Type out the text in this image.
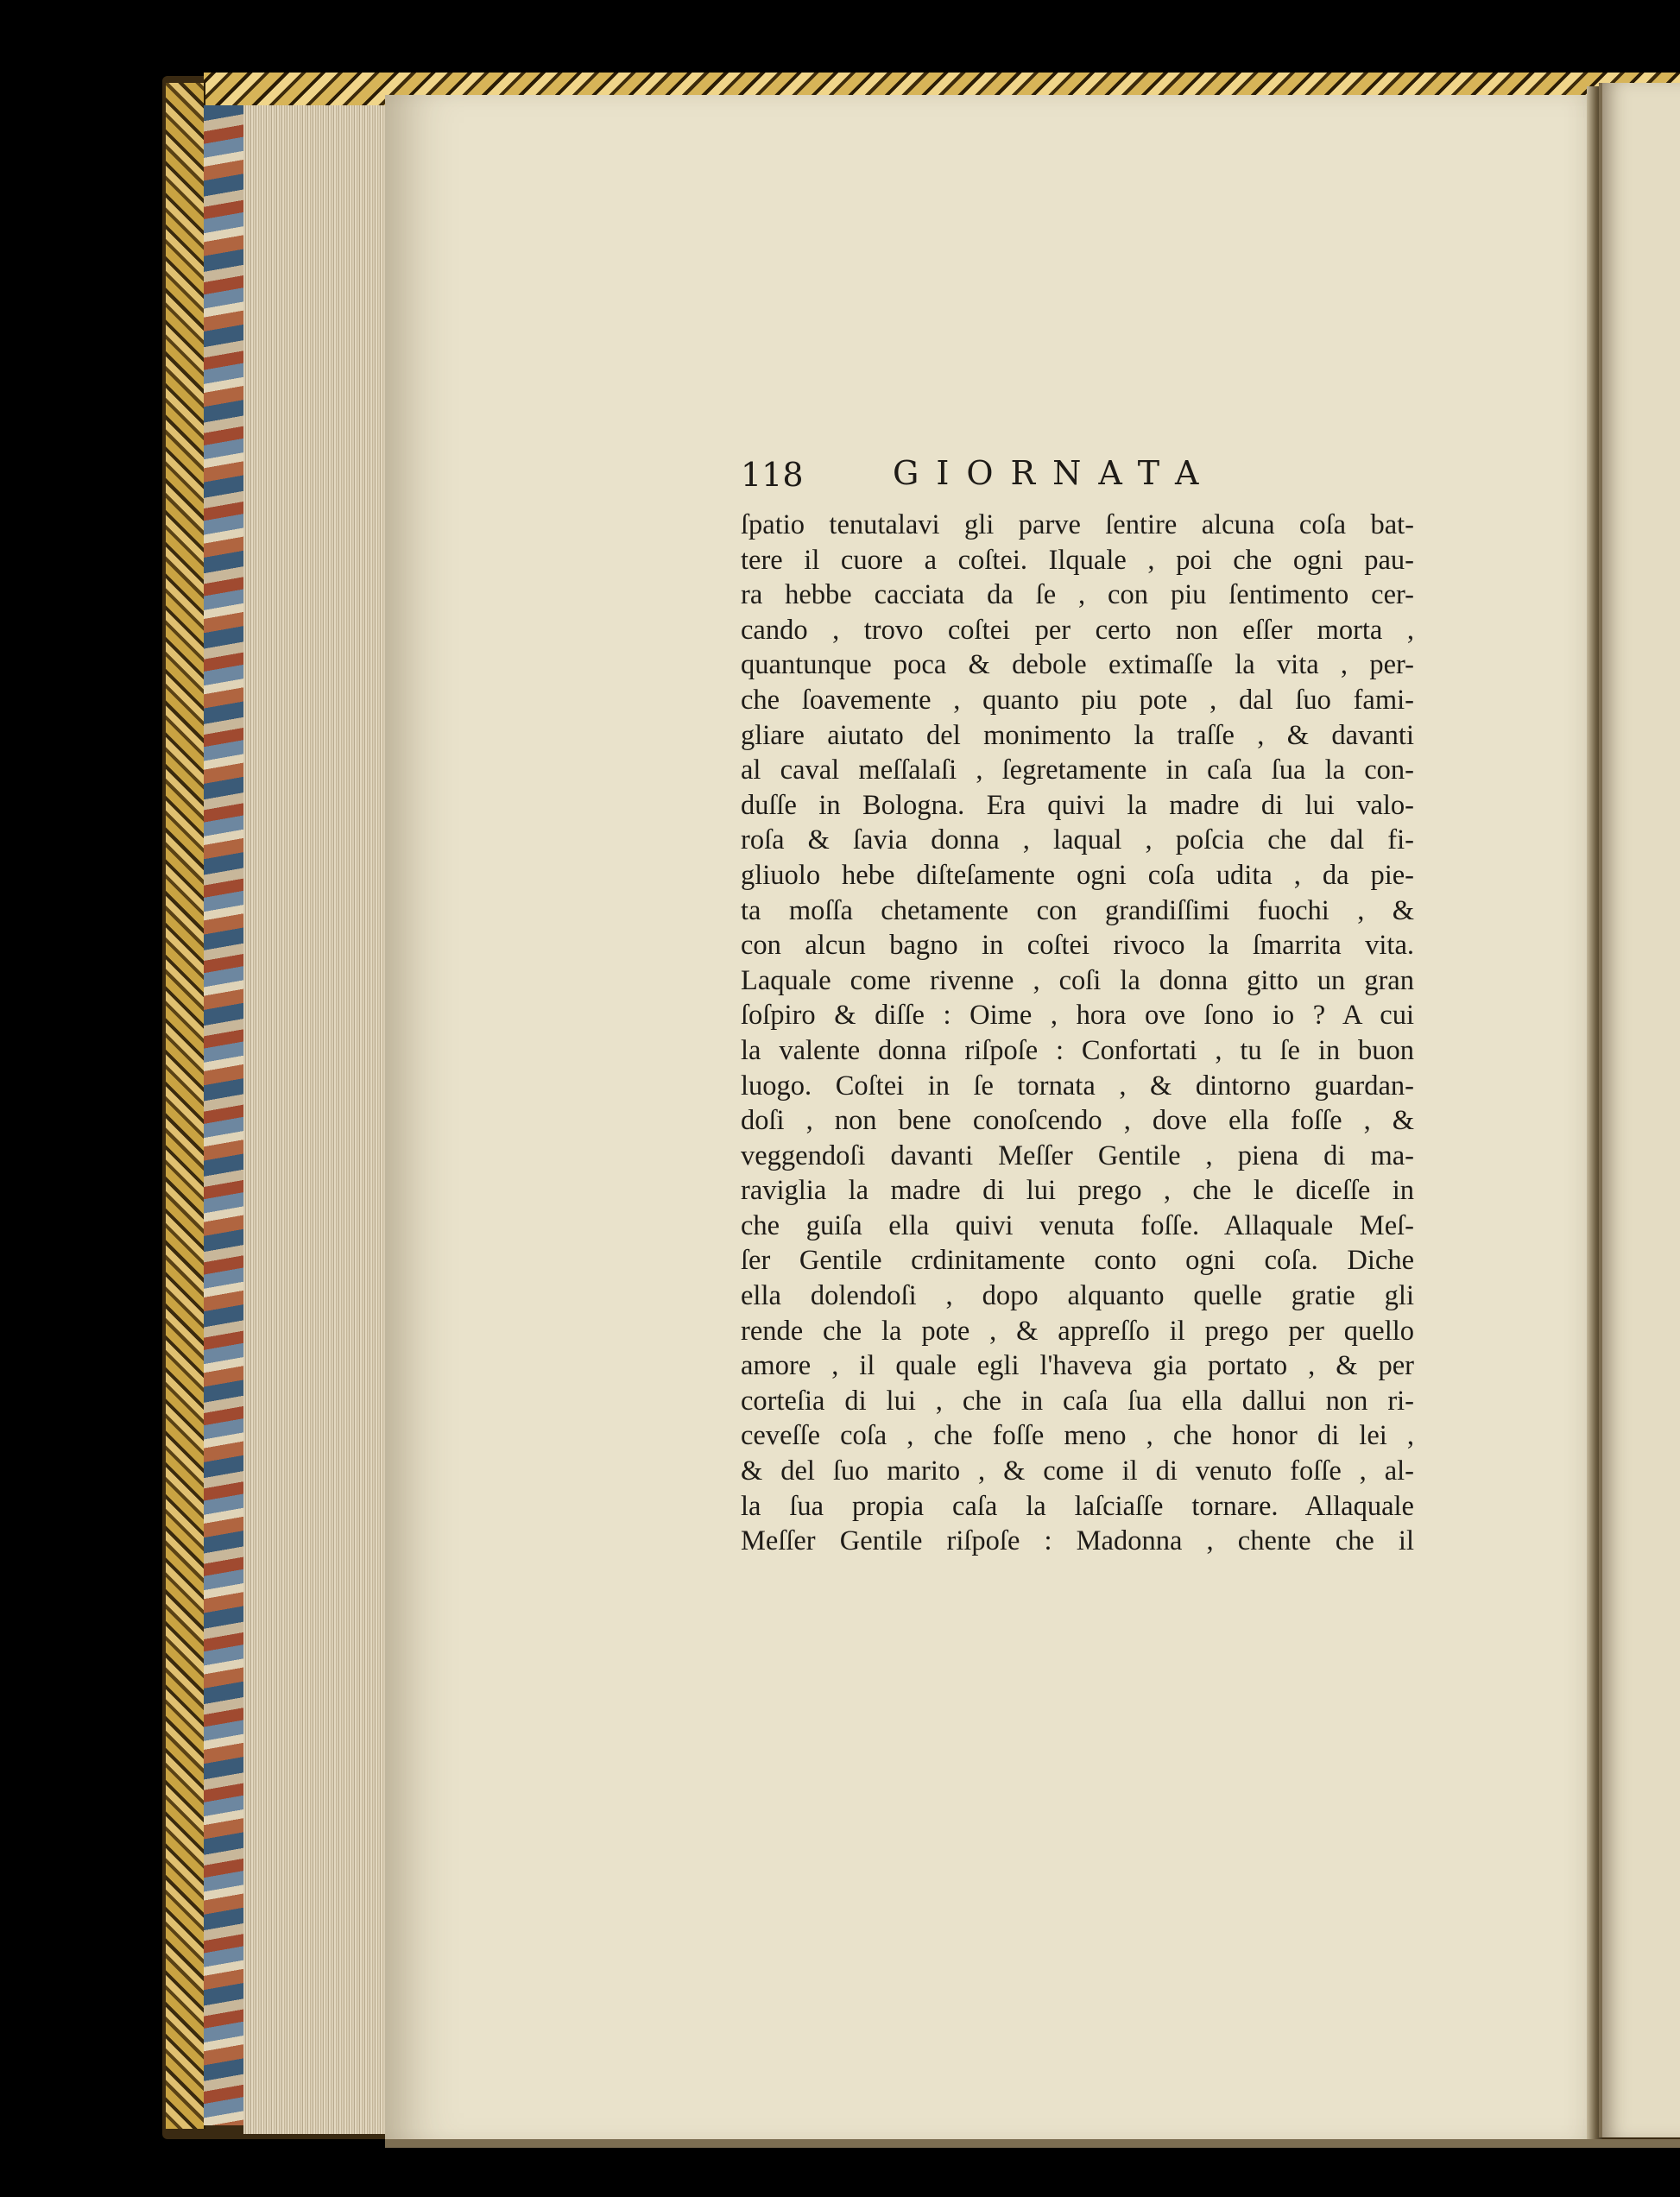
118	GIORNATA
ſpatio tenutalavi gli parve ſentire alcuna coſa bat-
tere il cuore a coſtei. Ilquale , poi che ogni pau-
ra hebbe cacciata da ſe , con piu ſentimento cer-
cando , trovo coſtei per certo non eſſer morta ,
quantunque poca & debole extimaſſe la vita , per-
che ſoavemente , quanto piu pote , dal ſuo fami-
gliare aiutato del monimento la traſſe , & davanti
al caval meſſalaſi , ſegretamente in caſa ſua la con-
duſſe in Bologna. Era quivi la madre di lui valo-
roſa & ſavia donna , laqual , poſcia che dal fi-
gliuolo hebe diſteſamente ogni coſa udita , da pie-
ta moſſa chetamente con grandiſſimi fuochi , &
con alcun bagno in coſtei rivoco la ſmarrita vita.
Laquale come rivenne , coſi la donna gitto un gran
ſoſpiro & diſſe : Oime , hora ove ſono io ? A cui
la valente donna riſpoſe : Confortati , tu ſe in buon
luogo. Coſtei in ſe tornata , & dintorno guardan-
doſi , non bene conoſcendo , dove ella foſſe , &
veggendoſi davanti Meſſer Gentile , piena di ma-
raviglia la madre di lui prego , che le diceſſe in
che guiſa ella quivi venuta foſſe. Allaquale Meſ-
ſer Gentile crdinitamente conto ogni coſa. Diche
ella dolendoſi , dopo alquanto quelle gratie gli
rende che la pote , & appreſſo il prego per quello
amore , il quale egli l'haveva gia portato , & per
corteſia di lui , che in caſa ſua ella dallui non ri-
ceveſſe coſa , che foſſe meno , che honor di lei ,
& del ſuo marito , & come il di venuto foſſe , al-
la ſua propia caſa la laſciaſſe tornare. Allaquale
Meſſer Gentile riſpoſe : Madonna , chente che il
